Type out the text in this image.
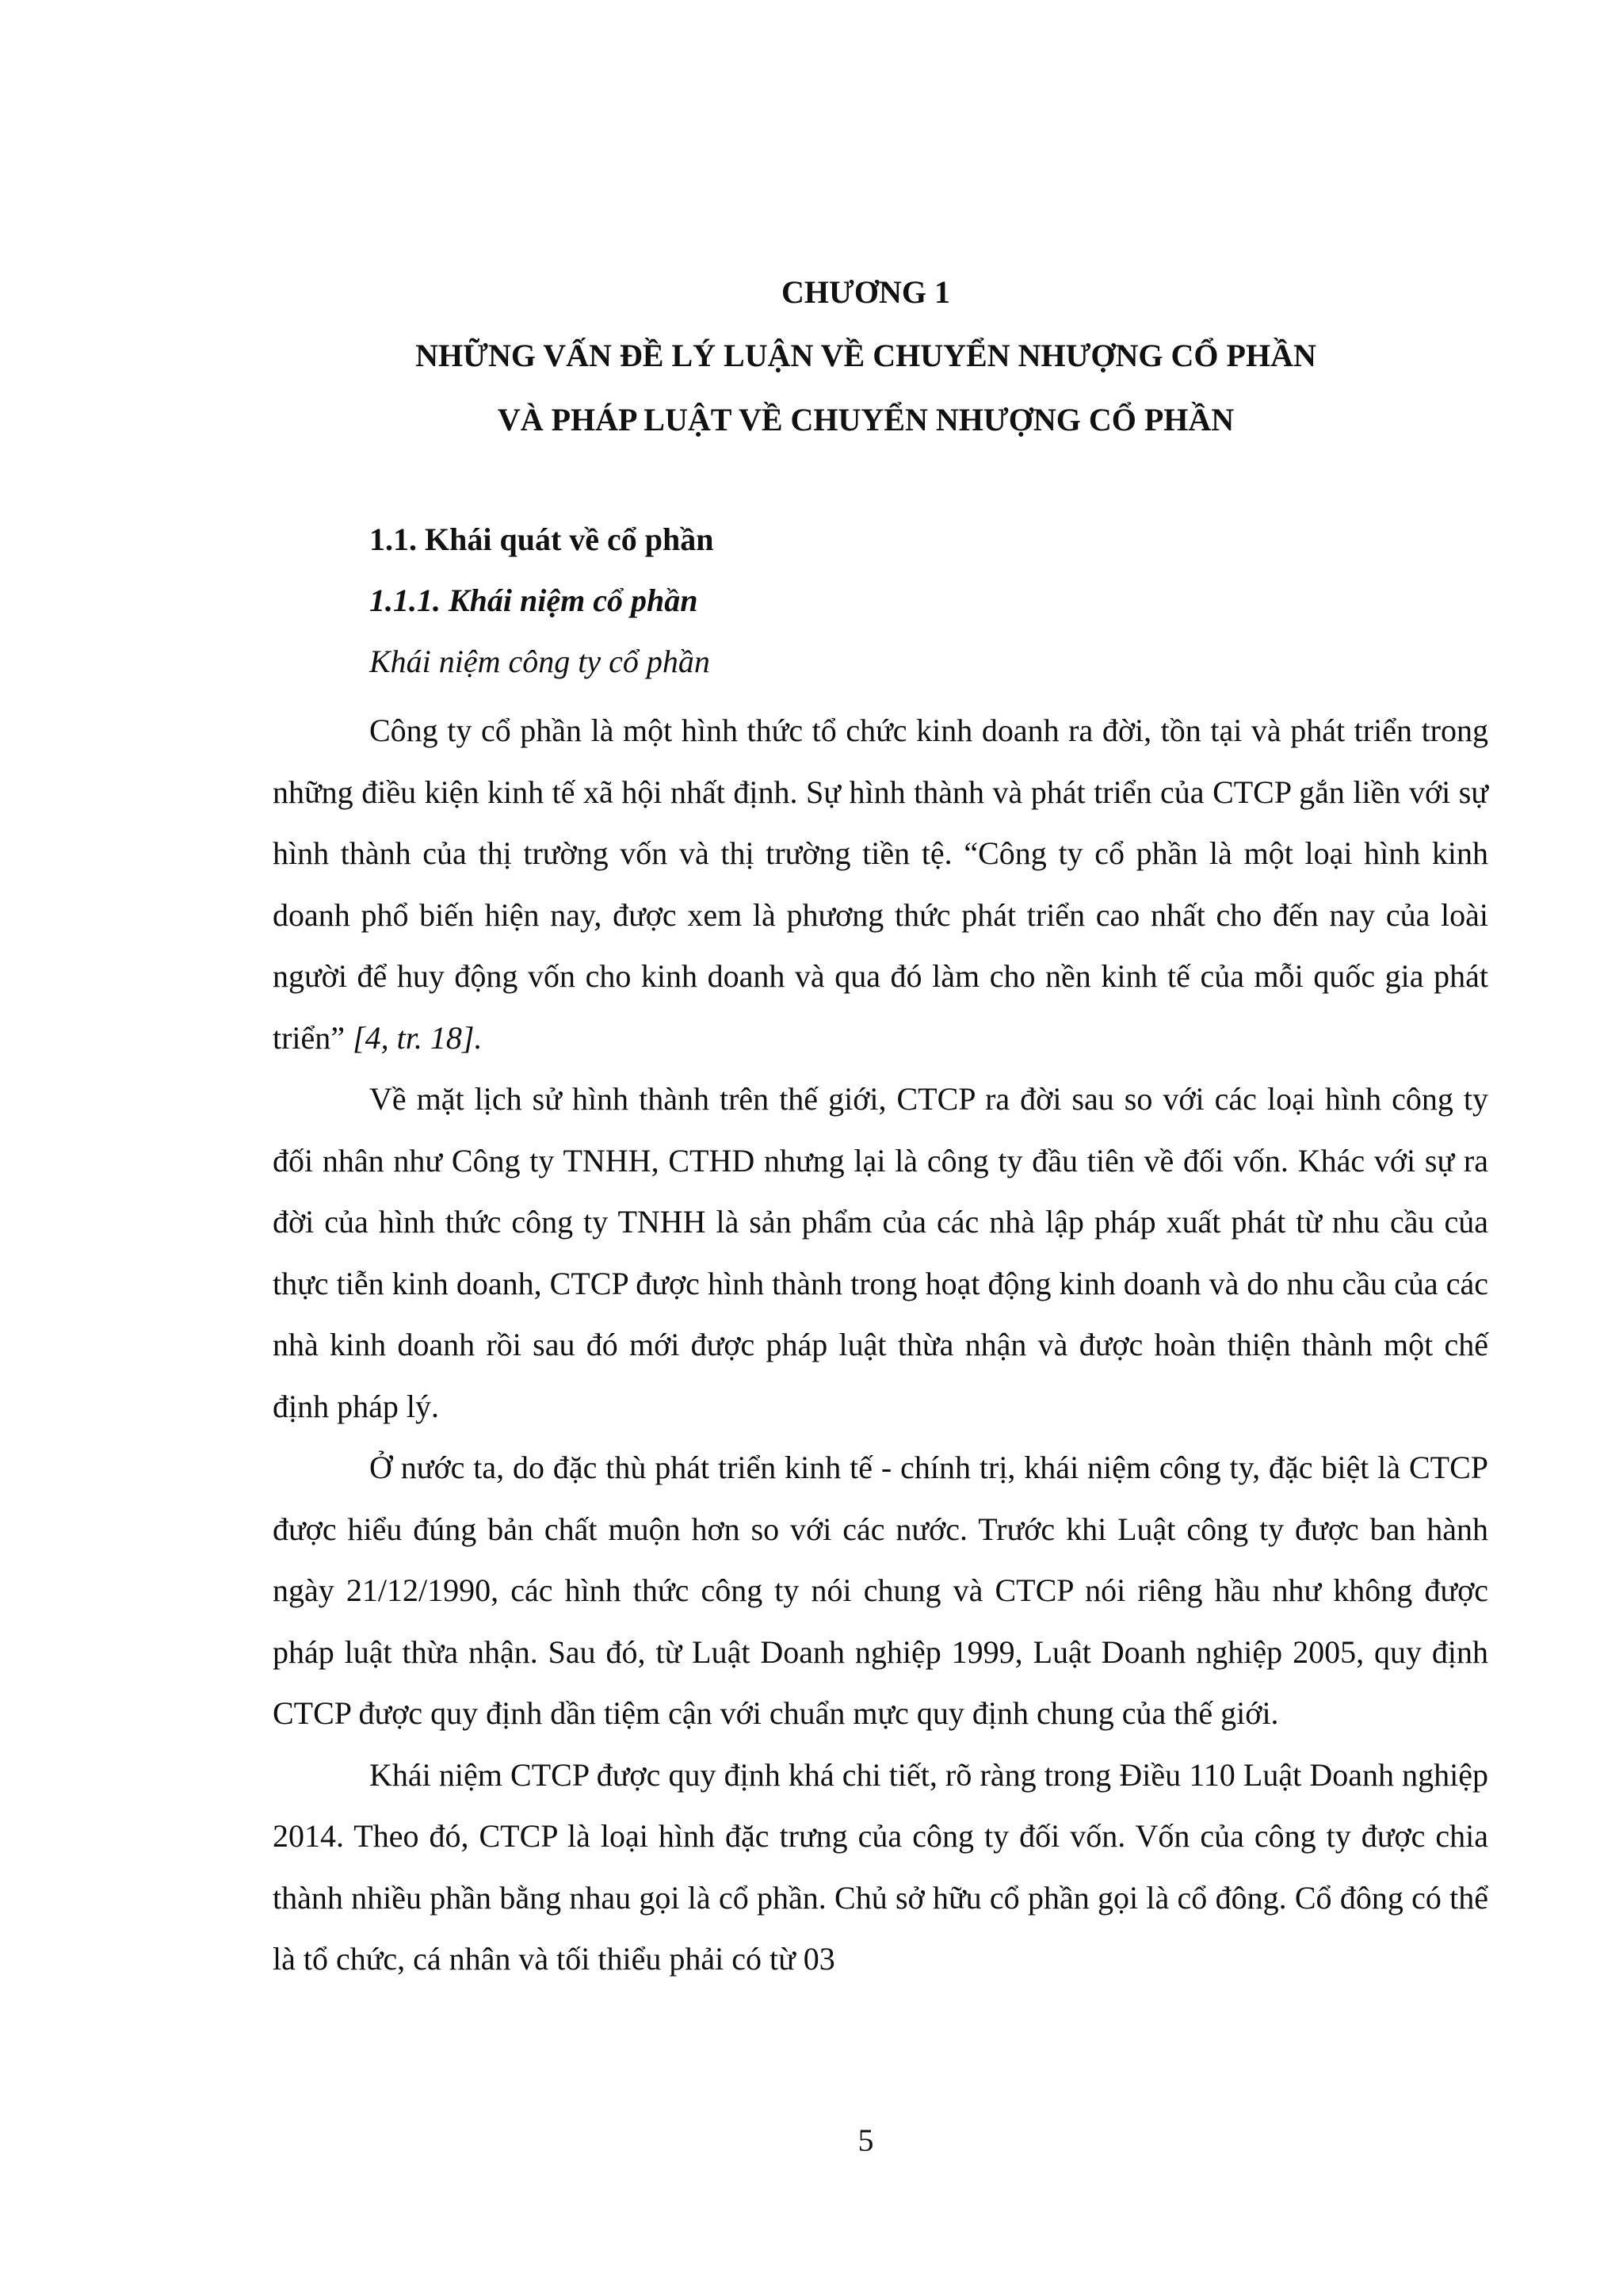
CHƯƠNG 1
NHỮNG VẤN ĐỀ LÝ LUẬN VỀ CHUYỂN NHƯỢNG CỔ PHẦN
VÀ PHÁP LUẬT VỀ CHUYỂN NHƯỢNG CỔ PHẦN
1.1. Khái quát về cổ phần
1.1.1. Khái niệm cổ phần
Khái niệm công ty cổ phần

Công ty cổ phần là một hình thức tổ chức kinh doanh ra đời, tồn tại và phát triển trong những điều kiện kinh tế xã hội nhất định. Sự hình thành và phát triển của CTCP gắn liền với sự hình thành của thị trường vốn và thị trường tiền tệ. “Công ty cổ phần là một loại hình kinh doanh phổ biến hiện nay, được xem là phương thức phát triển cao nhất cho đến nay của loài người để huy động vốn cho kinh doanh và qua đó làm cho nền kinh tế của mỗi quốc gia phát triển” [4, tr. 18].

Về mặt lịch sử hình thành trên thế giới, CTCP ra đời sau so với các loại hình công ty đối nhân như Công ty TNHH, CTHD nhưng lại là công ty đầu tiên về đối vốn. Khác với sự ra đời của hình thức công ty TNHH là sản phẩm của các nhà lập pháp xuất phát từ nhu cầu của thực tiễn kinh doanh, CTCP được hình thành trong hoạt động kinh doanh và do nhu cầu của các nhà kinh doanh rồi sau đó mới được pháp luật thừa nhận và được hoàn thiện thành một chế định pháp lý.

Ở nước ta, do đặc thù phát triển kinh tế - chính trị, khái niệm công ty, đặc biệt là CTCP được hiểu đúng bản chất muộn hơn so với các nước. Trước khi Luật công ty được ban hành ngày 21/12/1990, các hình thức công ty nói chung và CTCP nói riêng hầu như không được pháp luật thừa nhận. Sau đó, từ Luật Doanh nghiệp 1999, Luật Doanh nghiệp 2005, quy định CTCP được quy định dần tiệm cận với chuẩn mực quy định chung của thế giới.

Khái niệm CTCP được quy định khá chi tiết, rõ ràng trong Điều 110 Luật Doanh nghiệp 2014. Theo đó, CTCP là loại hình đặc trưng của công ty đối vốn. Vốn của công ty được chia thành nhiều phần bằng nhau gọi là cổ phần. Chủ sở hữu cổ phần gọi là cổ đông. Cổ đông có thể là tổ chức, cá nhân và tối thiểu phải có từ 03

5
